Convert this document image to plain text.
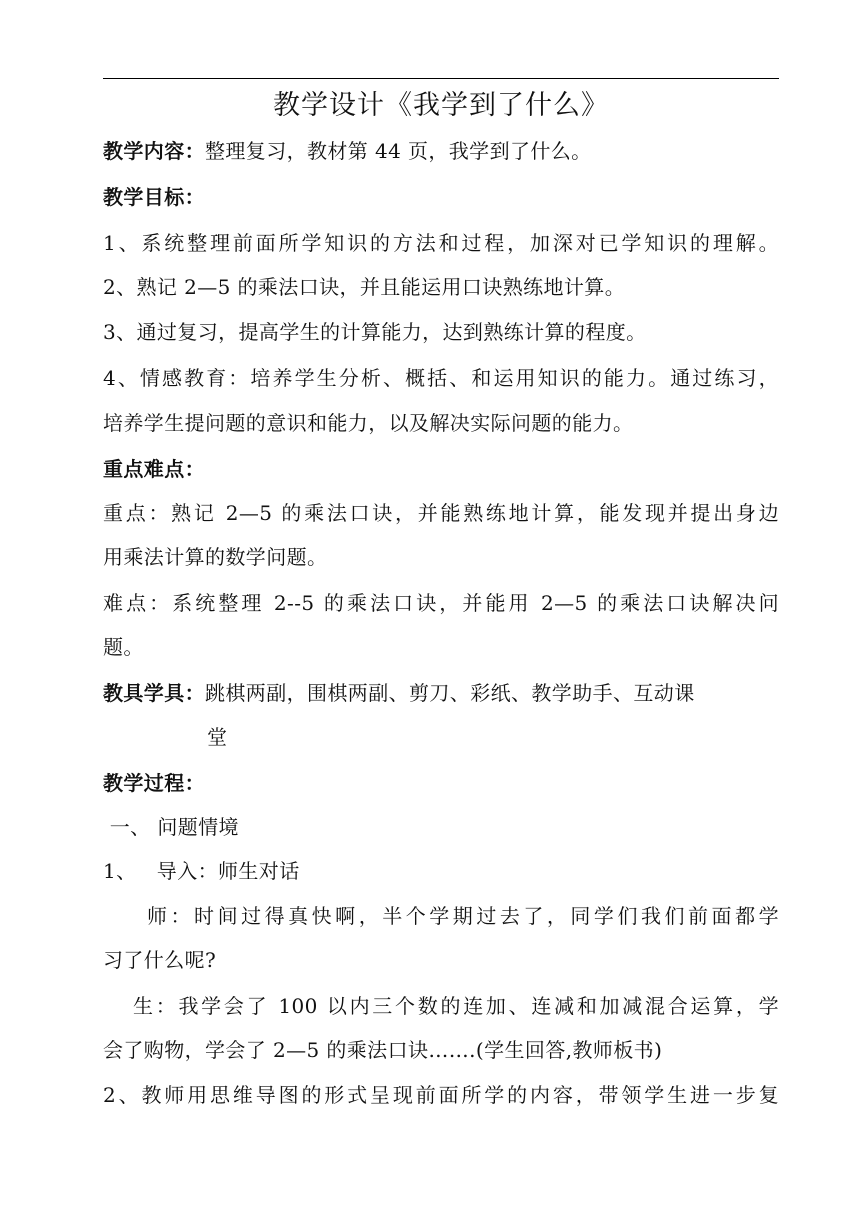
教学设计《我学到了什么》
教学内容：整理复习，教材第 44 页，我学到了什么。
教学目标：
1、系统整理前面所学知识的方法和过程，加深对已学知识的理解。
2、熟记 2—5 的乘法口诀，并且能运用口诀熟练地计算。
3、通过复习，提高学生的计算能力，达到熟练计算的程度。
4、情感教育：培养学生分析、概括、和运用知识的能力。通过练习，
培养学生提问题的意识和能力，以及解决实际问题的能力。
重点难点：
重点：熟记 2—5 的乘法口诀，并能熟练地计算，能发现并提出身边
用乘法计算的数学问题。
难点：系统整理 2--5 的乘法口诀，并能用 2—5 的乘法口诀解决问
题。
教具学具：跳棋两副，围棋两副、剪刀、彩纸、教学助手、互动课
堂
教学过程：
一、 问题情境
1、   导入：师生对话
师：时间过得真快啊，半个学期过去了，同学们我们前面都学
习了什么呢?
生：我学会了 100 以内三个数的连加、连减和加减混合运算，学
会了购物，学会了 2—5 的乘法口诀…….(学生回答,教师板书)
2、教师用思维导图的形式呈现前面所学的内容，带领学生进一步复
